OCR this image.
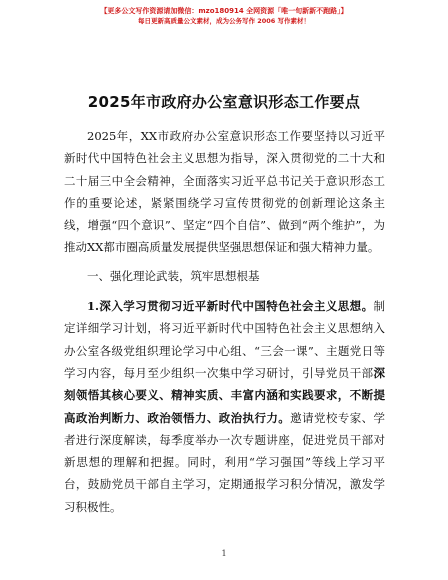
【更多公文写作资源请加微信：mzo180914 全网资源「唯一旬新新不跑路」】
每日更新高质量公文素材，成为公务写作 2006 写作素材！
2025年市政府办公室意识形态工作要点

2025年，XX市政府办公室意识形态工作要坚持以习近平新时代中国特色社会主义思想为指导，深入贯彻党的二十大和二十届三中全会精神，全面落实习近平总书记关于意识形态工作的重要论述，紧紧围绕学习宣传贯彻党的创新理论这条主线，增强“四个意识”、坚定“四个自信”、做到“两个维护”，为推动XX都市圈高质量发展提供坚强思想保证和强大精神力量。

一、强化理论武装，筑牢思想根基

1.深入学习贯彻习近平新时代中国特色社会主义思想。制定详细学习计划，将习近平新时代中国特色社会主义思想纳入办公室各级党组织理论学习中心组、“三会一课”、主题党日等学习内容，每月至少组织一次集中学习研讨，引导党员干部深刻领悟其核心要义、精神实质、丰富内涵和实践要求，不断提高政治判断力、政治领悟力、政治执行力。邀请党校专家、学者进行深度解读，每季度举办一次专题讲座，促进党员干部对新思想的理解和把握。同时，利用“学习强国”等线上学习平台，鼓励党员干部自主学习，定期通报学习积分情况，激发学习积极性。

1
